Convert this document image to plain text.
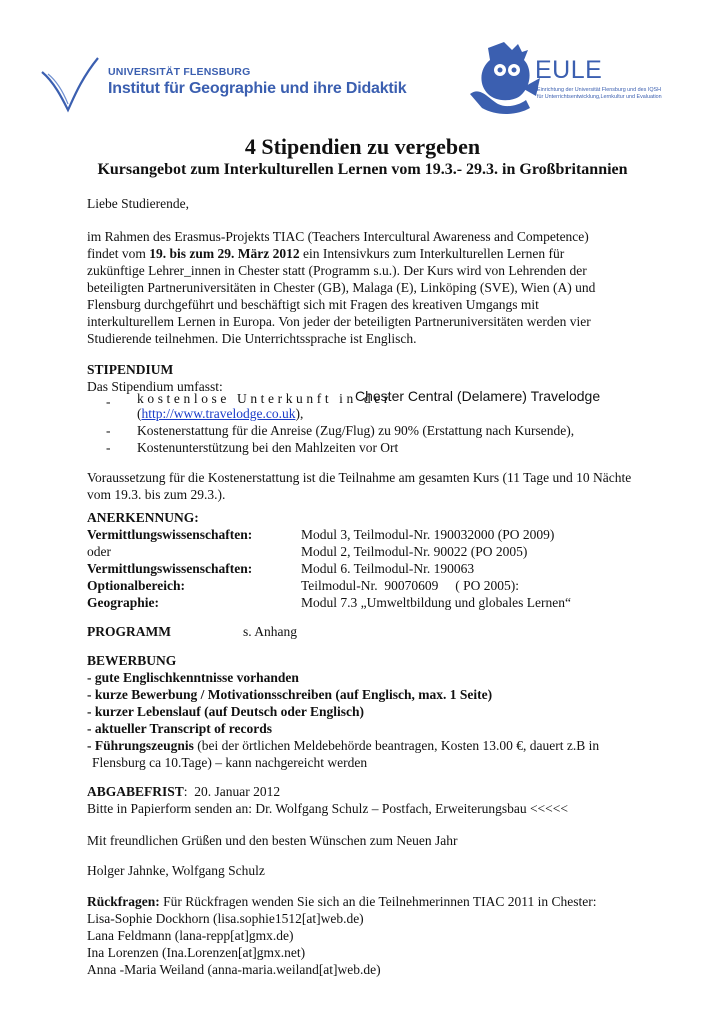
UNIVERSITÄT FLENSBURG
Institut für Geographie und ihre Didaktik
EULE
Einrichtung der Universität Flensburg und des IQSH
für Unterrichtsentwicklung,Lernkultur und Evaluation
4 Stipendien zu vergeben
Kursangebot zum Interkulturellen Lernen vom 19.3.- 29.3. in Großbritannien
Liebe Studierende,
im Rahmen des Erasmus-Projekts TIAC (Teachers Intercultural Awareness and Competence)
findet vom 19. bis zum 29. März 2012 ein Intensivkurs zum Interkulturellen Lernen für
zukünftige Lehrer_innen in Chester statt (Programm s.u.). Der Kurs wird von Lehrenden der
beteiligten Partneruniversitäten in Chester (GB), Malaga (E), Linköping (SVE), Wien (A) und
Flensburg durchgeführt und beschäftigt sich mit Fragen des kreativen Umgangs mit
interkulturellem Lernen in Europa. Von jeder der beteiligten Partneruniversitäten werden vier
Studierende teilnehmen. Die Unterrichtssprache ist Englisch.
STIPENDIUM
Das Stipendium umfasst:
- kostenlose Unterkunft in der
Chester Central (Delamere) Travelodge
(http://www.travelodge.co.uk),
- Kostenerstattung für die Anreise (Zug/Flug) zu 90% (Erstattung nach Kursende),
- Kostenunterstützung bei den Mahlzeiten vor Ort
Voraussetzung für die Kostenerstattung ist die Teilnahme am gesamten Kurs (11 Tage und 10 Nächte
vom 19.3. bis zum 29.3.).
ANERKENNUNG:
Vermittlungswissenschaften:	Modul 3, Teilmodul-Nr. 190032000 (PO 2009)
oder	Modul 2, Teilmodul-Nr. 90022 (PO 2005)
Vermittlungswissenschaften:	Modul 6. Teilmodul-Nr. 190063
Optionalbereich:	Teilmodul-Nr.  90070609     ( PO 2005):
Geographie:	Modul 7.3 „Umweltbildung und globales Lernen“
PROGRAMM	s. Anhang
BEWERBUNG
- gute Englischkenntnisse vorhanden
- kurze Bewerbung / Motivationsschreiben (auf Englisch, max. 1 Seite)
- kurzer Lebenslauf (auf Deutsch oder Englisch)
- aktueller Transcript of records
- Führungszeugnis (bei der örtlichen Meldebehörde beantragen, Kosten 13.00 €, dauert z.B in
Flensburg ca 10.Tage) – kann nachgereicht werden
ABGABEFRIST:  20. Januar 2012
Bitte in Papierform senden an: Dr. Wolfgang Schulz – Postfach, Erweiterungsbau <<<<<
Mit freundlichen Grüßen und den besten Wünschen zum Neuen Jahr
Holger Jahnke, Wolfgang Schulz
Rückfragen: Für Rückfragen wenden Sie sich an die Teilnehmerinnen TIAC 2011 in Chester:
Lisa-Sophie Dockhorn (lisa.sophie1512[at]web.de)
Lana Feldmann (lana-repp[at]gmx.de)
Ina Lorenzen (Ina.Lorenzen[at]gmx.net)
Anna -Maria Weiland (anna-maria.weiland[at]web.de)
